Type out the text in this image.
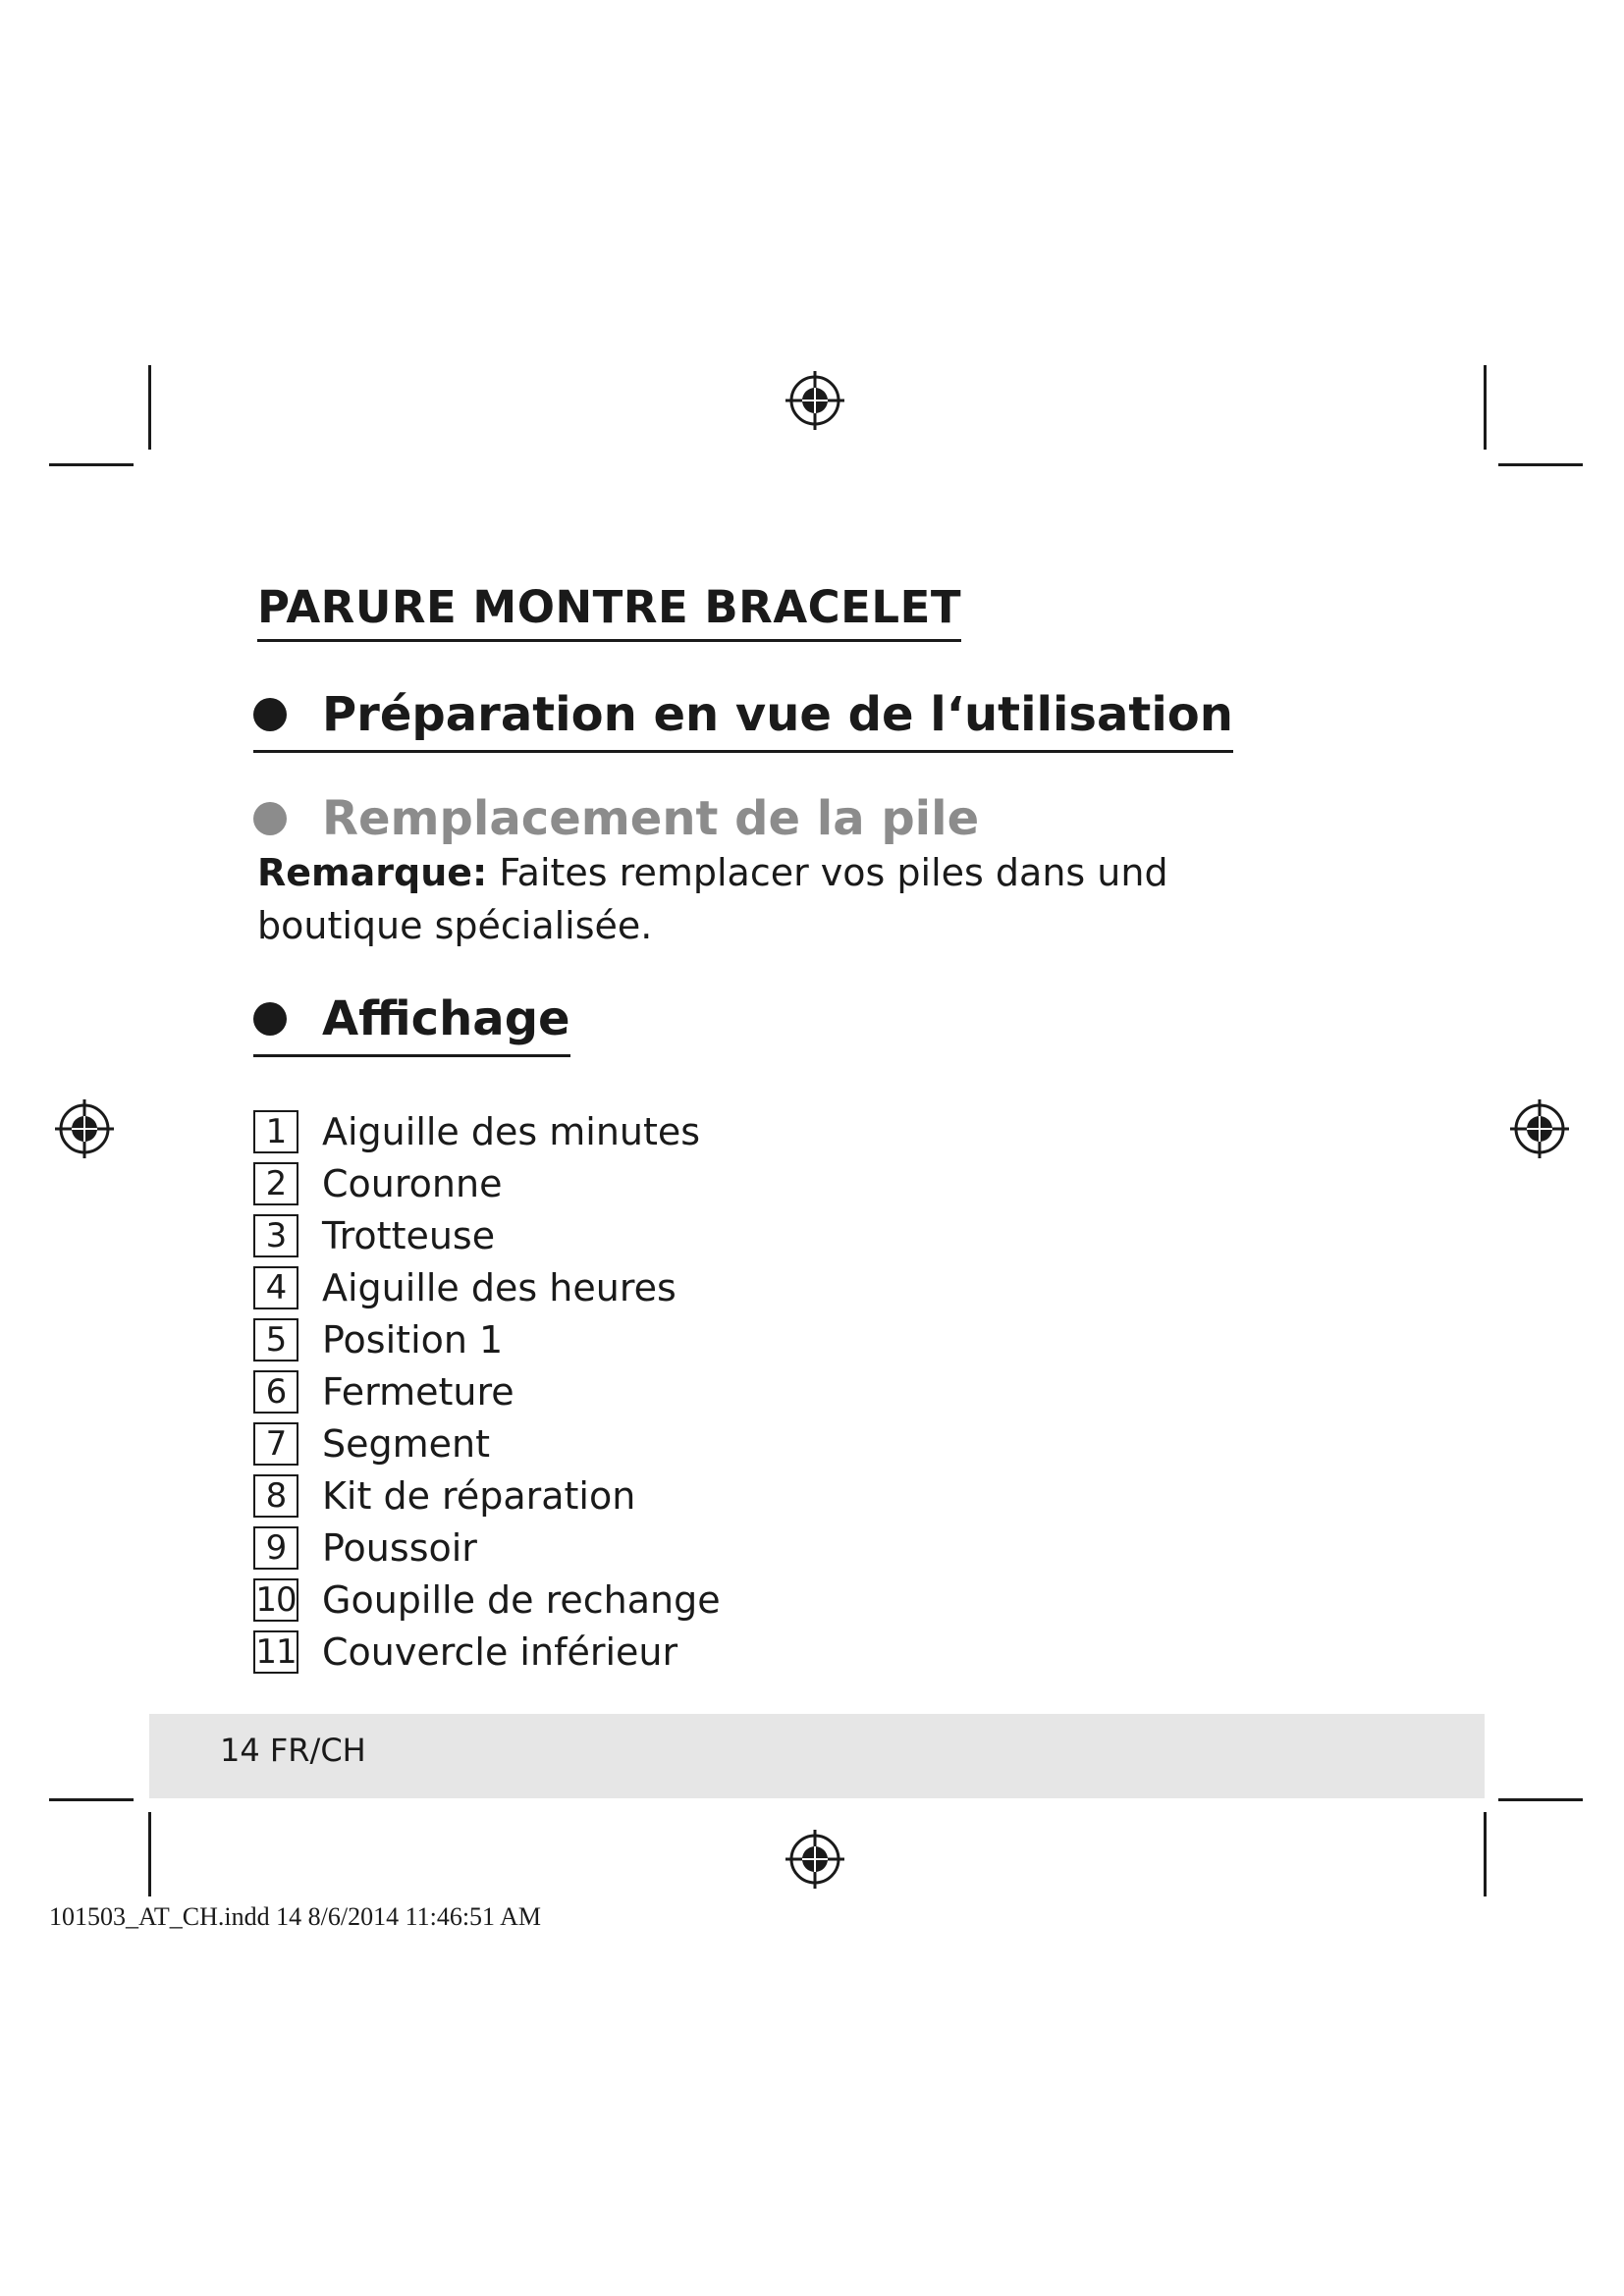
PARURE MONTRE BRACELET
Préparation en vue de l‘utilisation
Remplacement de la pile
Remarque: Faites remplacer vos piles dans und boutique spécialisée.
Affichage
1 Aiguille des minutes
2 Couronne
3 Trotteuse
4 Aiguille des heures
5 Position 1
6 Fermeture
7 Segment
8 Kit de réparation
9 Poussoir
10 Goupille de rechange
11 Couvercle inférieur
14 FR/CH
101503_AT_CH.indd 14 8/6/2014 11:46:51 AM
